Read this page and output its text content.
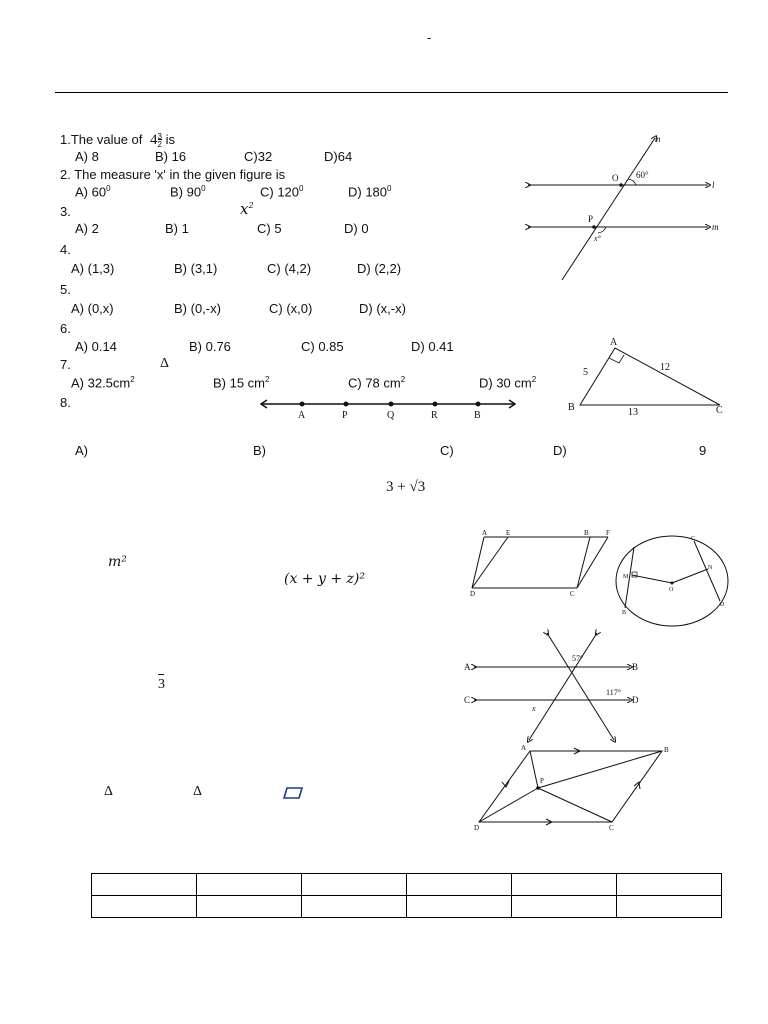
-
1.The value of $4\frac{3}{2}$ is
A) 8	B) 16	C)32	D)64
2. The measure 'x' in the given figure is
A) $60^0$	B) $90^0$	C) $120^0$	D) $180^0$
3.	$x^2$
A) 2	B) 1	C) 5	D) 0
4.
A) (1,3)	B) (3,1)	C) (4,2)	D) (2,2)
5.
A) (0,x)	B) (0,-x)	C) (x,0)	D) (x,-x)
6.
A) 0.14	B) 0.76	C) 0.85	D) 0.41
7.	Δ
A) $32.5cm^2$	B) 15 $cm^2$	C) 78 $cm^2$	D) 30 $cm^2$
8.
A)	B)	C)	D)	9
n
l
m
O
P
60°
x°
A
B	C
5	12
13
A	P	Q	R	B
3 + √3
m²
(x + y + z)²
3
Δ	Δ
A	E	B F
D	C
C
M
N
O
B
D
A	B
C	D
57°
117°
x
A	B
P
D	C
